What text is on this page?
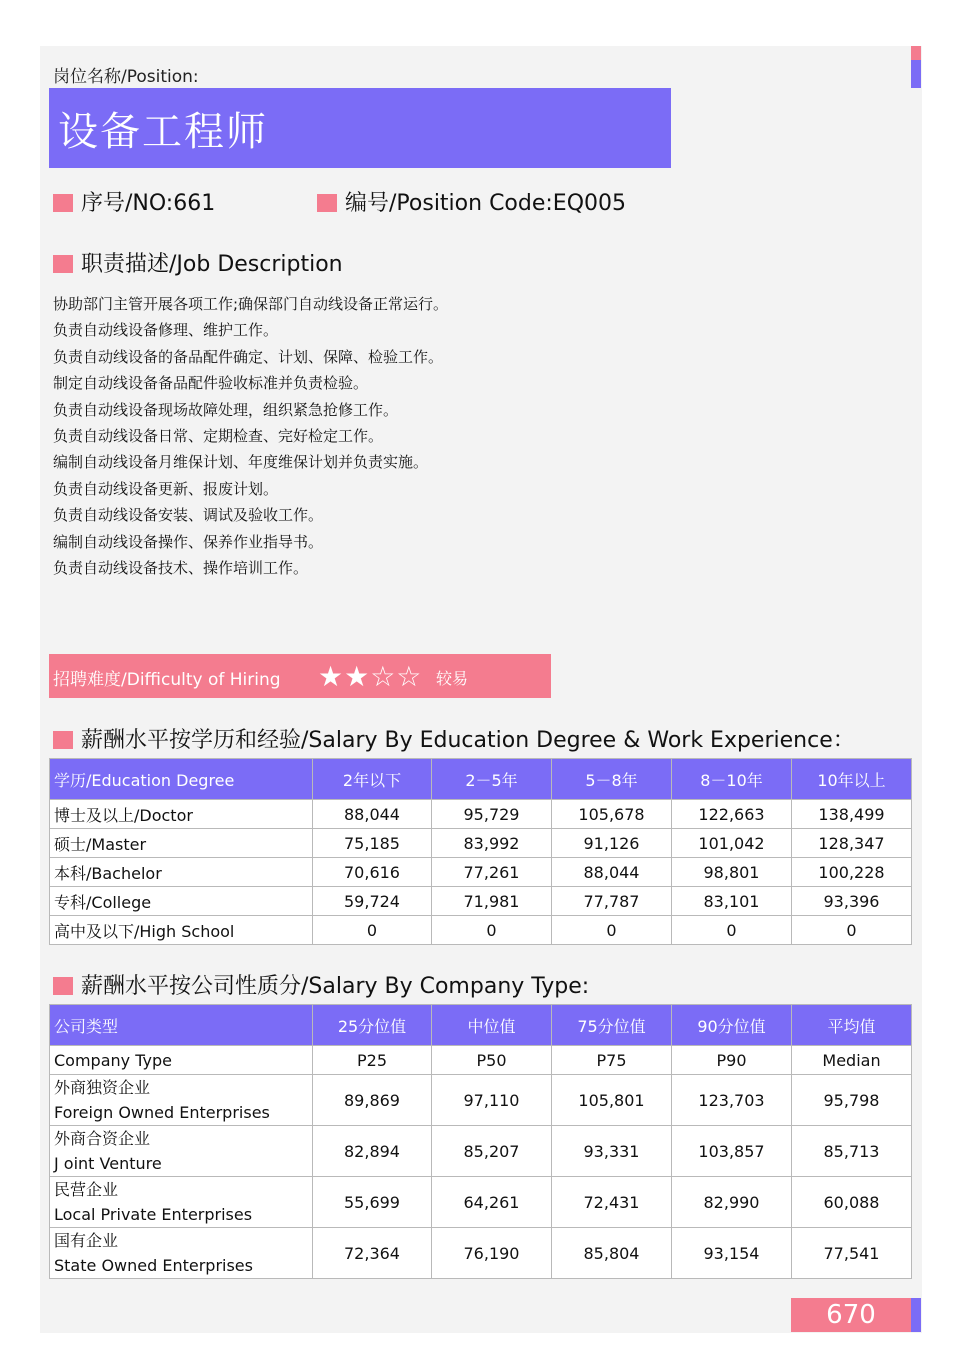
岗位名称/Position:
设备工程师
序号/NO:661	编号/Position Code:EQ005
职责描述/Job Description
协助部门主管开展各项工作;确保部门自动线设备正常运行。
负责自动线设备修理、维护工作。
负责自动线设备的备品配件确定、计划、保障、检验工作。
制定自动线设备备品配件验收标准并负责检验。
负责自动线设备现场故障处理，组织紧急抢修工作。
负责自动线设备日常、定期检查、完好检定工作。
编制自动线设备月维保计划、年度维保计划并负责实施。
负责自动线设备更新、报废计划。
负责自动线设备安装、调试及验收工作。
编制自动线设备操作、保养作业指导书。
负责自动线设备技术、操作培训工作。
招聘难度/Difficulty of Hiring ★★☆☆ 较易
薪酬水平按学历和经验/Salary By Education Degree & Work Experience：
学历/Education Degree	2年以下	2－5年	5－8年	8－10年	10年以上
博士及以上/Doctor	88,044	95,729	105,678	122,663	138,499
硕士/Master	75,185	83,992	91,126	101,042	128,347
本科/Bachelor	70,616	77,261	88,044	98,801	100,228
专科/College	59,724	71,981	77,787	83,101	93,396
高中及以下/High School	0	0	0	0	0
薪酬水平按公司性质分/Salary By Company Type:
公司类型	25分位值	中位值	75分位值	90分位值	平均值
Company Type	P25	P50	P75	P90	Median

外商独资企业
Foreign Owned Enterprises	89,869	97,110	105,801	123,703	95,798

外商合资企业
J oint Venture	82,894	85,207	93,331	103,857	85,713

民营企业
Local Private Enterprises	55,699	64,261	72,431	82,990	60,088

国有企业
State Owned Enterprises	72,364	76,190	85,804	93,154	77,541
670
